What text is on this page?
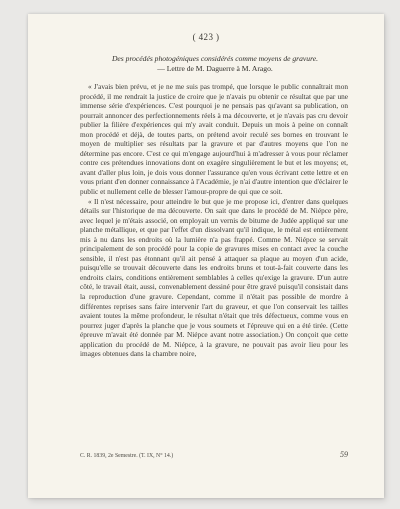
( 423 )
Des procédés photogéniques considérés comme moyens de gravure.
— Lettre de M. Daguerre à M. Arago.

« J'avais bien prévu, et je ne me suis pas trompé, que lorsque le public connaîtrait mon procédé, il me rendrait la justice de croire que je n'avais pu obtenir ce résultat que par une immense série d'expériences. C'est pourquoi je ne pensais pas qu'avant sa publication, on pourrait annoncer des perfectionnements réels à ma découverte, et je n'avais pas cru devoir publier la filière d'expériences qui m'y avait conduit. Depuis un mois à peine on connaît mon procédé et déjà, de toutes parts, on prétend avoir reculé ses bornes en trouvant le moyen de multiplier ses résultats par la gravure et par d'autres moyens que l'on ne détermine pas encore. C'est ce qui m'engage aujourd'hui à m'adresser à vous pour réclamer contre ces prétendues innovations dont on exagère singulièrement le but et les moyens; et, avant d'aller plus loin, je dois vous donner l'assurance qu'en vous écrivant cette lettre et en vous priant d'en donner connaissance à l'Académie, je n'ai d'autre intention que d'éclairer le public et nullement celle de blesser l'amour-propre de qui que ce soit.

« Il n'est nécessaire, pour atteindre le but que je me propose ici, d'entrer dans quelques détails sur l'historique de ma découverte. On sait que dans le procédé de M. Niépce père, avec lequel je m'étais associé, on employait un vernis de bitume de Judée appliqué sur une planche métallique, et que par l'effet d'un dissolvant qu'il indique, le métal est entièrement mis à nu dans les endroits où la lumière n'a pas frappé. Comme M. Niépce se servait principalement de son procédé pour la copie de gravures mises en contact avec la couche sensible, il n'est pas étonnant qu'il ait pensé à attaquer sa plaque au moyen d'un acide, puisqu'elle se trouvait découverte dans les endroits bruns et tout-à-fait couverte dans les endroits clairs, conditions entièrement semblables à celles qu'exige la gravure. D'un autre côté, le travail était, aussi, convenablement dessiné pour être gravé puisqu'il consistait dans la reproduction d'une gravure. Cependant, comme il n'était pas possible de mordre à différentes reprises sans faire intervenir l'art du graveur, et que l'on conservait les tailles avaient toutes la même profondeur, le résultat n'était que très défectueux, comme vous en pourrez juger d'après la planche que je vous soumets et l'épreuve qui en a été tirée. (Cette épreuve m'avait été donnée par M. Niépce avant notre association.) On conçoit que cette application du procédé de M. Niépce, à la gravure, ne pouvait pas avoir lieu pour les images obtenues dans la chambre noire,

C. R. 1839, 2e Semestre. (T. IX, N° 14.)	59
